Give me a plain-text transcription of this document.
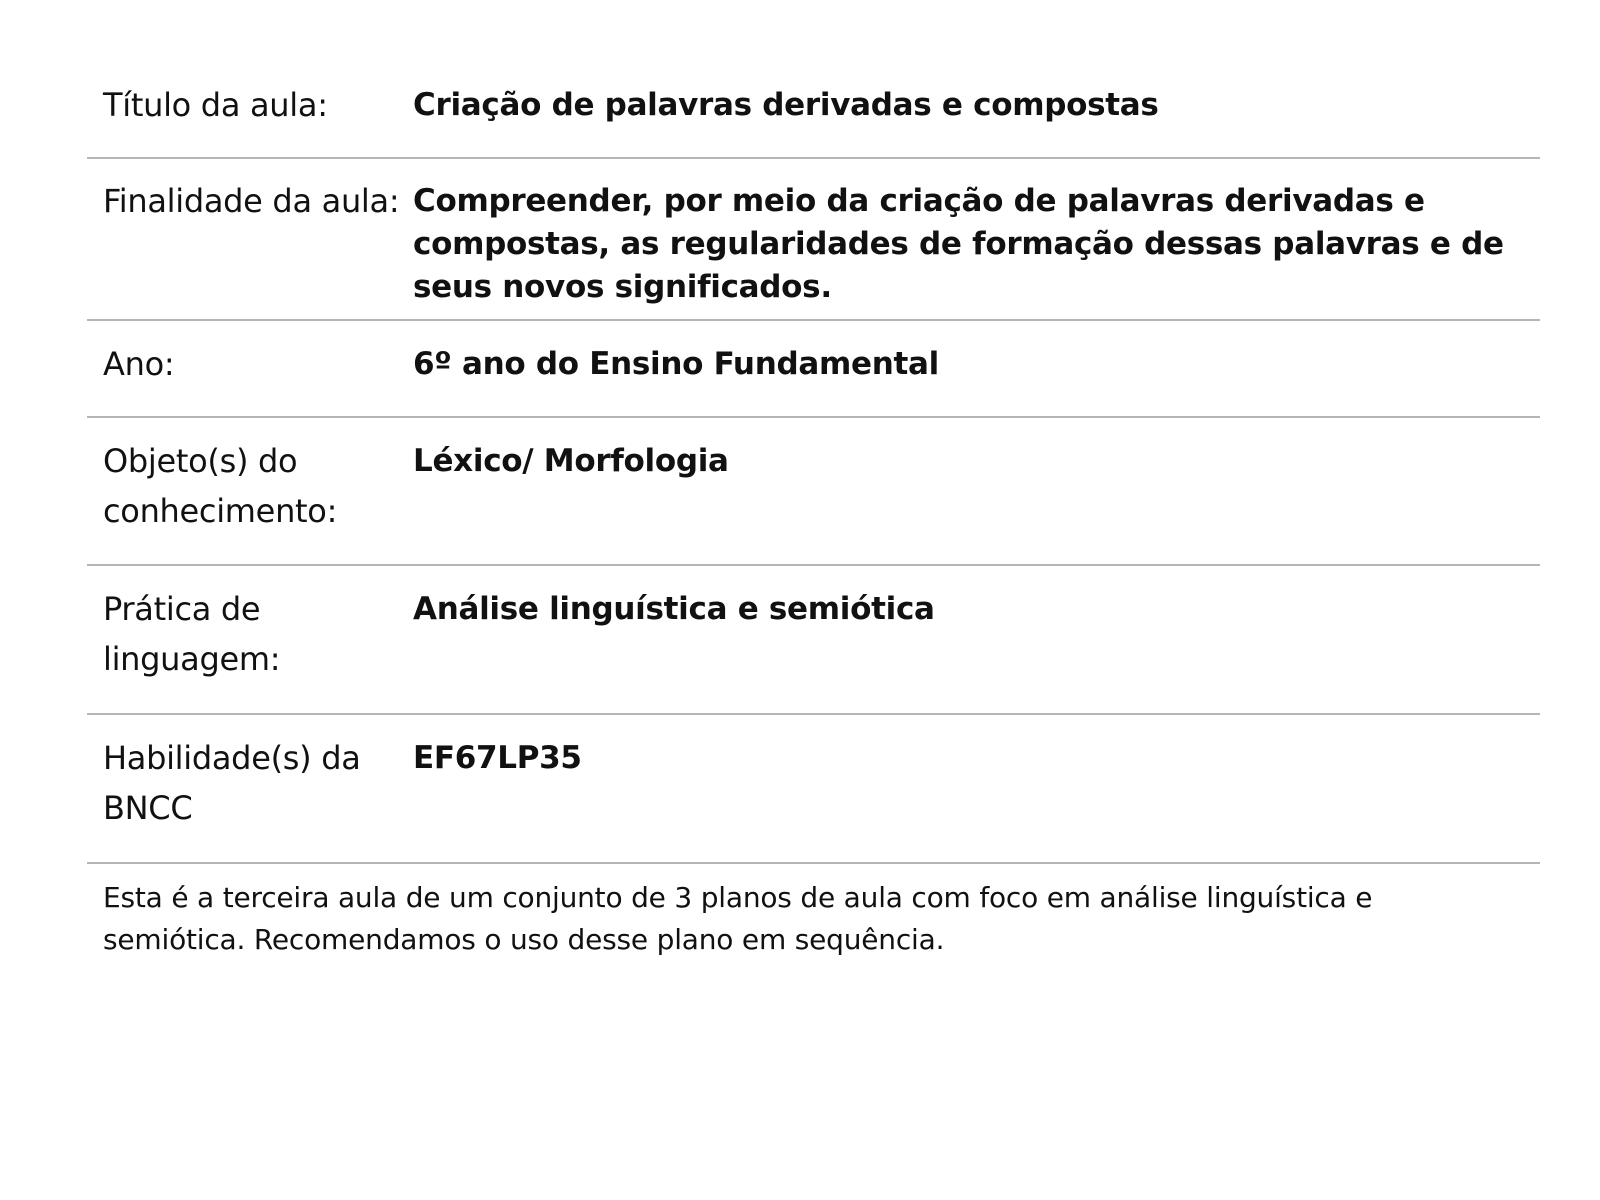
Título da aula:	Criação de palavras derivadas e compostas
Finalidade da aula: Compreender, por meio da criação de palavras derivadas e compostas, as regularidades de formação dessas palavras e de seus novos significados.
Ano:	6º ano do Ensino Fundamental
Objeto(s) do conhecimento:
Léxico/ Morfologia
Prática de linguagem:
Análise linguística e semiótica
Habilidade(s) da BNCC
EF67LP35
Esta é a terceira aula de um conjunto de 3 planos de aula com foco em análise linguística e semiótica. Recomendamos o uso desse plano em sequência.
